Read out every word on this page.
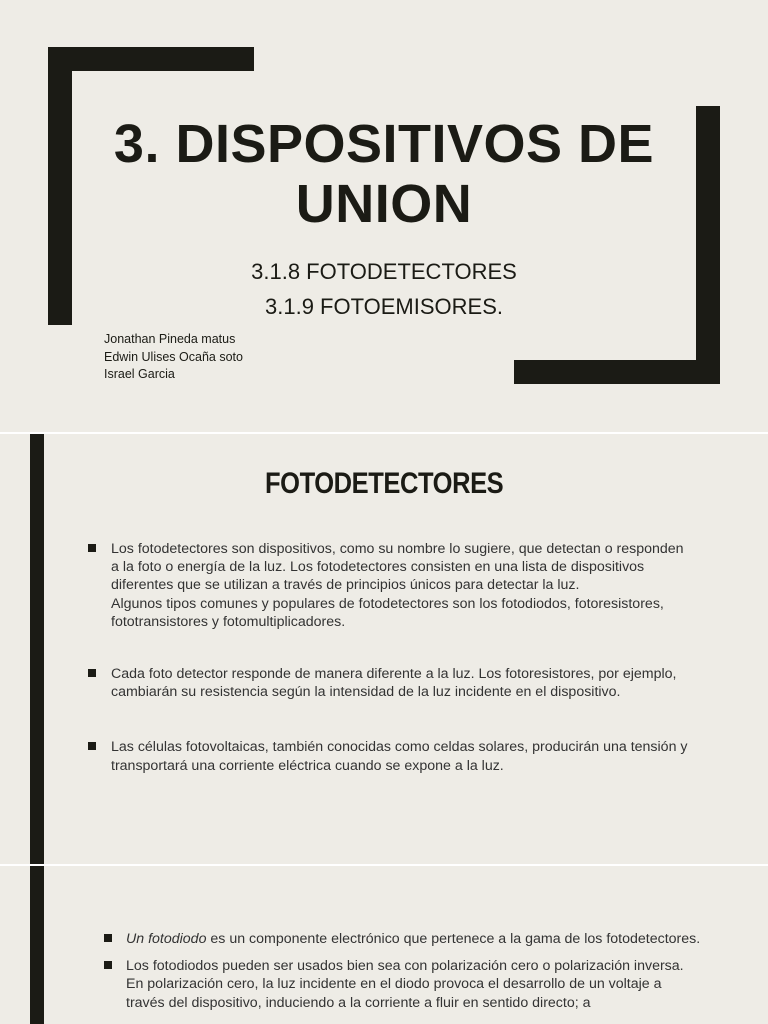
3. DISPOSITIVOS DE
UNION
3.1.8 FOTODETECTORES
3.1.9 FOTOEMISORES.
Jonathan Pineda matus
Edwin Ulises Ocaña soto
Israel Garcia
FOTODETECTORES
Los fotodetectores son dispositivos, como su nombre lo sugiere, que detectan o responden a la foto o energía de la luz. Los fotodetectores consisten en una lista de dispositivos diferentes que se utilizan a través de principios únicos para detectar la luz.
Algunos tipos comunes y populares de fotodetectores son los fotodiodos, fotoresistores, fototransistores y fotomultiplicadores.
Cada foto detector responde de manera diferente a la luz. Los fotoresistores, por ejemplo, cambiarán su resistencia según la intensidad de la luz incidente en el dispositivo.
Las células fotovoltaicas, también conocidas como celdas solares, producirán una tensión y transportará una corriente eléctrica cuando se expone a la luz.
Un fotodiodo es un componente electrónico que pertenece a la gama de los fotodetectores.
Los fotodiodos pueden ser usados bien sea con polarización cero o polarización inversa. En polarización cero, la luz incidente en el diodo provoca el desarrollo de un voltaje a través del dispositivo, induciendo a la corriente a fluir en sentido directo; a
